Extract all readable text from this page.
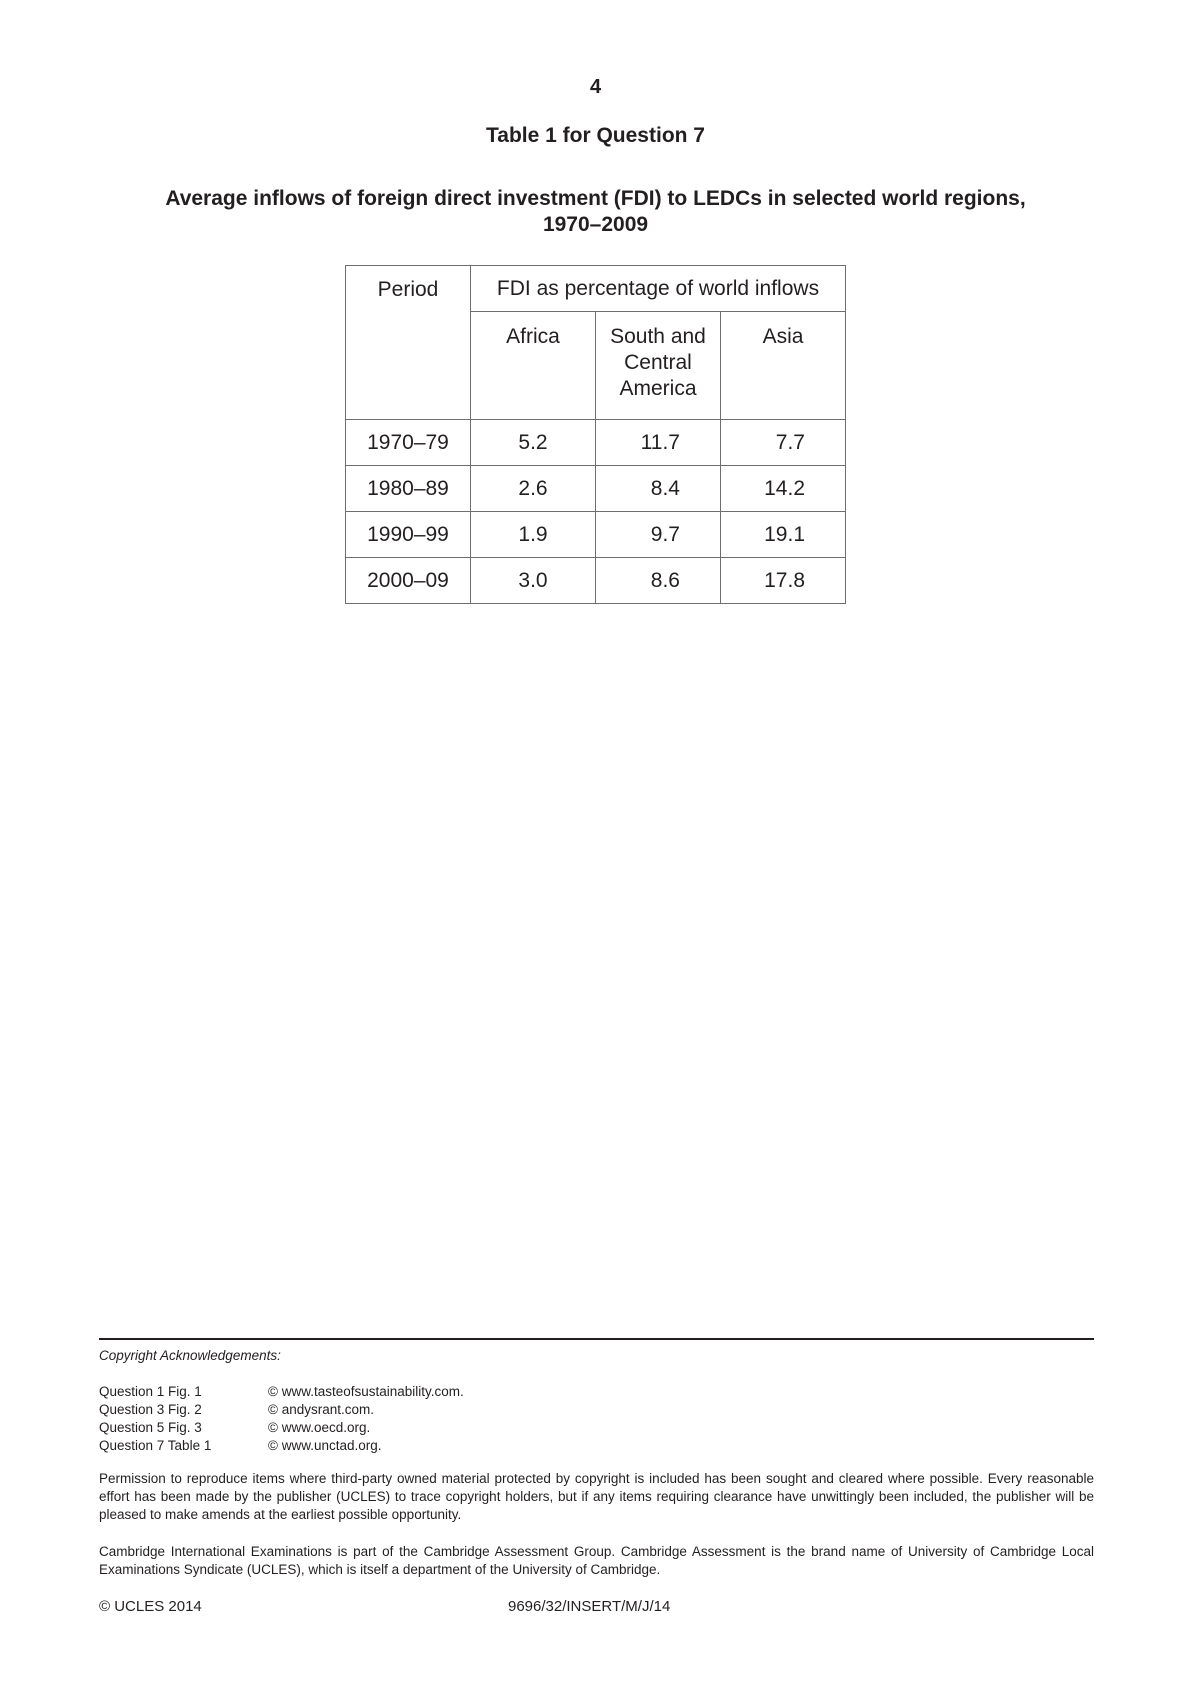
4
Table 1 for Question 7
Average inflows of foreign direct investment (FDI) to LEDCs in selected world regions,
1970–2009
Period	FDI as percentage of world inflows		
	Africa	South and Central America	Asia
1970–79	5.2	11.7	7.7
1980–89	2.6	8.4	14.2
1990–99	1.9	9.7	19.1
2000–09	3.0	8.6	17.8
Copyright Acknowledgements:
Question 1 Fig. 1	© www.tasteofsustainability.com.
Question 3 Fig. 2	© andysrant.com.
Question 5 Fig. 3	© www.oecd.org.
Question 7 Table 1	© www.unctad.org.
Permission to reproduce items where third-party owned material protected by copyright is included has been sought and cleared where possible. Every reasonable effort has been made by the publisher (UCLES) to trace copyright holders, but if any items requiring clearance have unwittingly been included, the publisher will be pleased to make amends at the earliest possible opportunity.
Cambridge International Examinations is part of the Cambridge Assessment Group. Cambridge Assessment is the brand name of University of Cambridge Local Examinations Syndicate (UCLES), which is itself a department of the University of Cambridge.
© UCLES 2014	9696/32/INSERT/M/J/14
